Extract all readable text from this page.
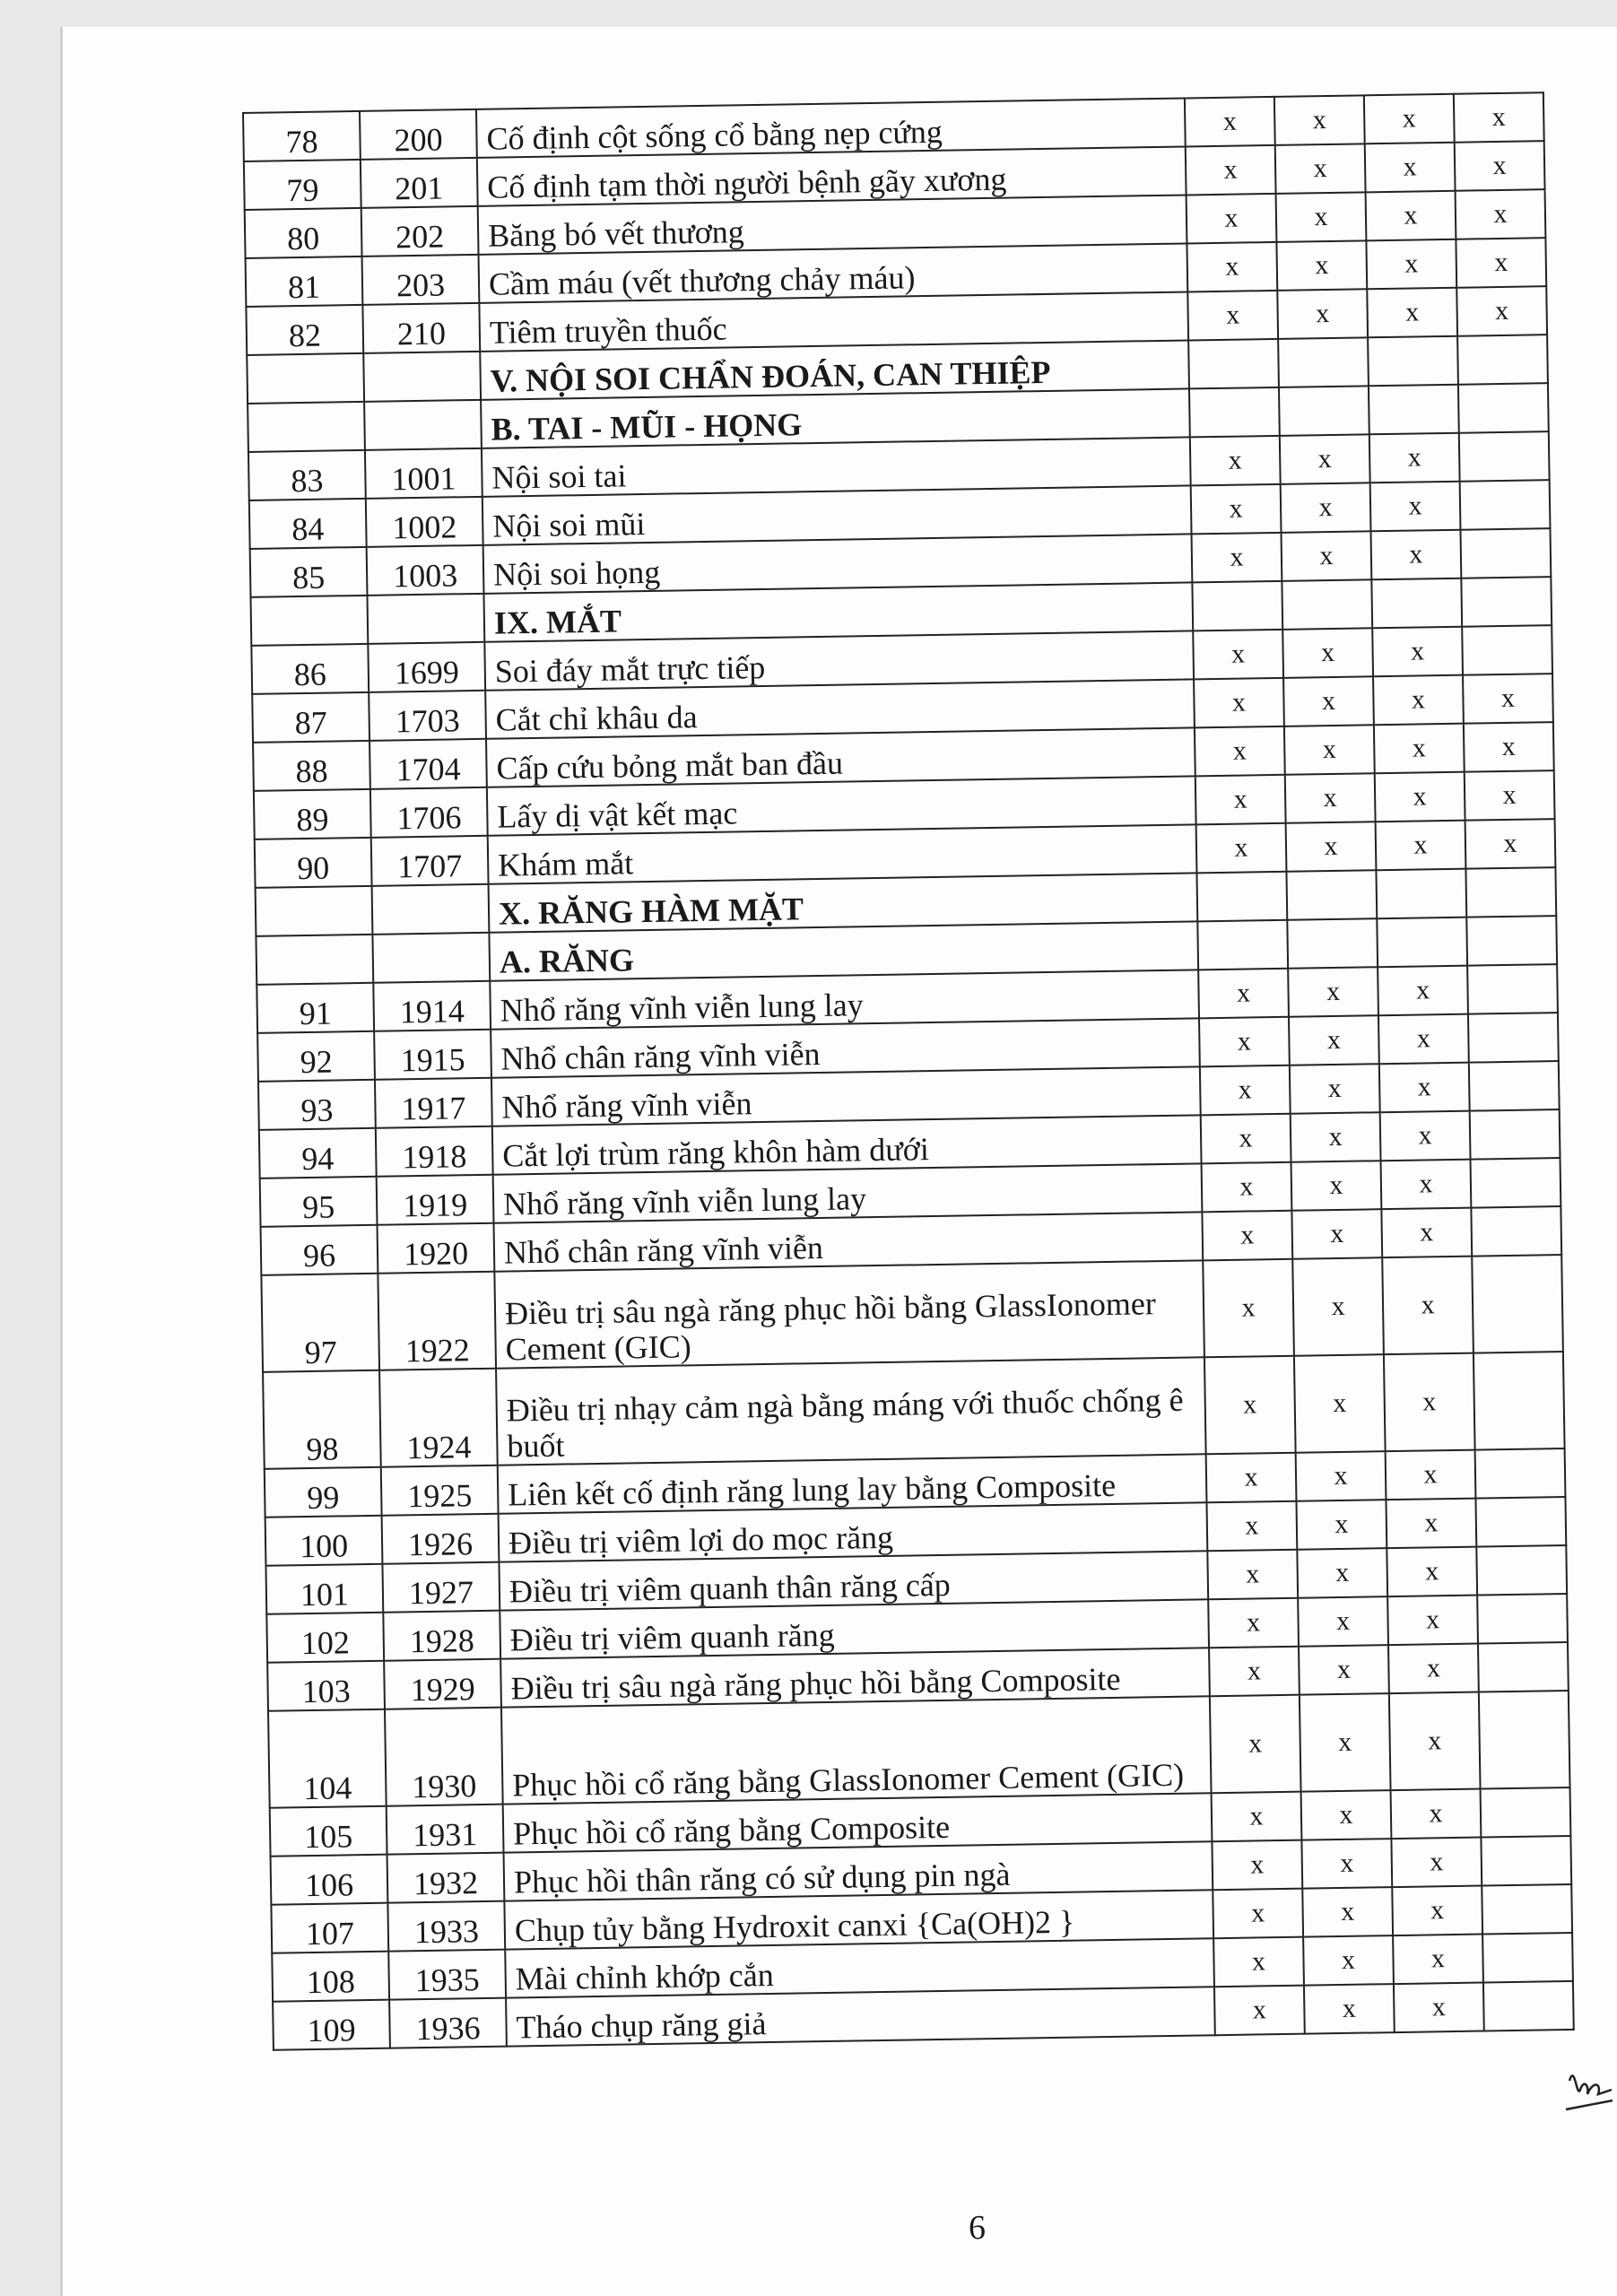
78	200	Cố định cột sống cổ bằng nẹp cứng	x	x	x	x
79	201	Cố định tạm thời người bệnh gãy xương	x	x	x	x
80	202	Băng bó vết thương	x	x	x	x
81	203	Cầm máu (vết thương chảy máu)	x	x	x	x
82	210	Tiêm truyền thuốc	x	x	x	x
		V. NỘI SOI CHẨN ĐOÁN, CAN THIỆP				
		B. TAI - MŨI - HỌNG				
83	1001	Nội soi tai	x	x	x	
84	1002	Nội soi mũi	x	x	x	
85	1003	Nội soi họng	x	x	x	
		IX. MẮT				
86	1699	Soi đáy mắt trực tiếp	x	x	x	
87	1703	Cắt chỉ khâu da	x	x	x	x
88	1704	Cấp cứu bỏng mắt ban đầu	x	x	x	x
89	1706	Lấy dị vật kết mạc	x	x	x	x
90	1707	Khám mắt	x	x	x	x
		X. RĂNG HÀM MẶT				
		A. RĂNG				
91	1914	Nhổ răng vĩnh viễn lung lay	x	x	x	
92	1915	Nhổ chân răng vĩnh viễn	x	x	x	
93	1917	Nhổ răng vĩnh viễn	x	x	x	
94	1918	Cắt lợi trùm răng khôn hàm dưới	x	x	x	
95	1919	Nhổ răng vĩnh viễn lung lay	x	x	x	
96	1920	Nhổ chân răng vĩnh viễn	x	x	x	
97	1922	Điều trị sâu ngà răng phục hồi bằng GlassIonomer Cement (GIC)	x	x	x	
98	1924	Điều trị nhạy cảm ngà bằng máng với thuốc chống ê buốt	x	x	x	
99	1925	Liên kết cố định răng lung lay bằng Composite	x	x	x	
100	1926	Điều trị viêm lợi do mọc răng	x	x	x	
101	1927	Điều trị viêm quanh thân răng cấp	x	x	x	
102	1928	Điều trị viêm quanh răng	x	x	x	
103	1929	Điều trị sâu ngà răng phục hồi bằng Composite	x	x	x	
104	1930	Phục hồi cổ răng bằng GlassIonomer Cement (GIC)	x	x	x	
105	1931	Phục hồi cổ răng bằng Composite	x	x	x	
106	1932	Phục hồi thân răng có sử dụng pin ngà	x	x	x	
107	1933	Chụp tủy bằng Hydroxit canxi {Ca(OH)2 }	x	x	x	
108	1935	Mài chỉnh khớp cắn	x	x	x	
109	1936	Tháo chụp răng giả	x	x	x	
6
